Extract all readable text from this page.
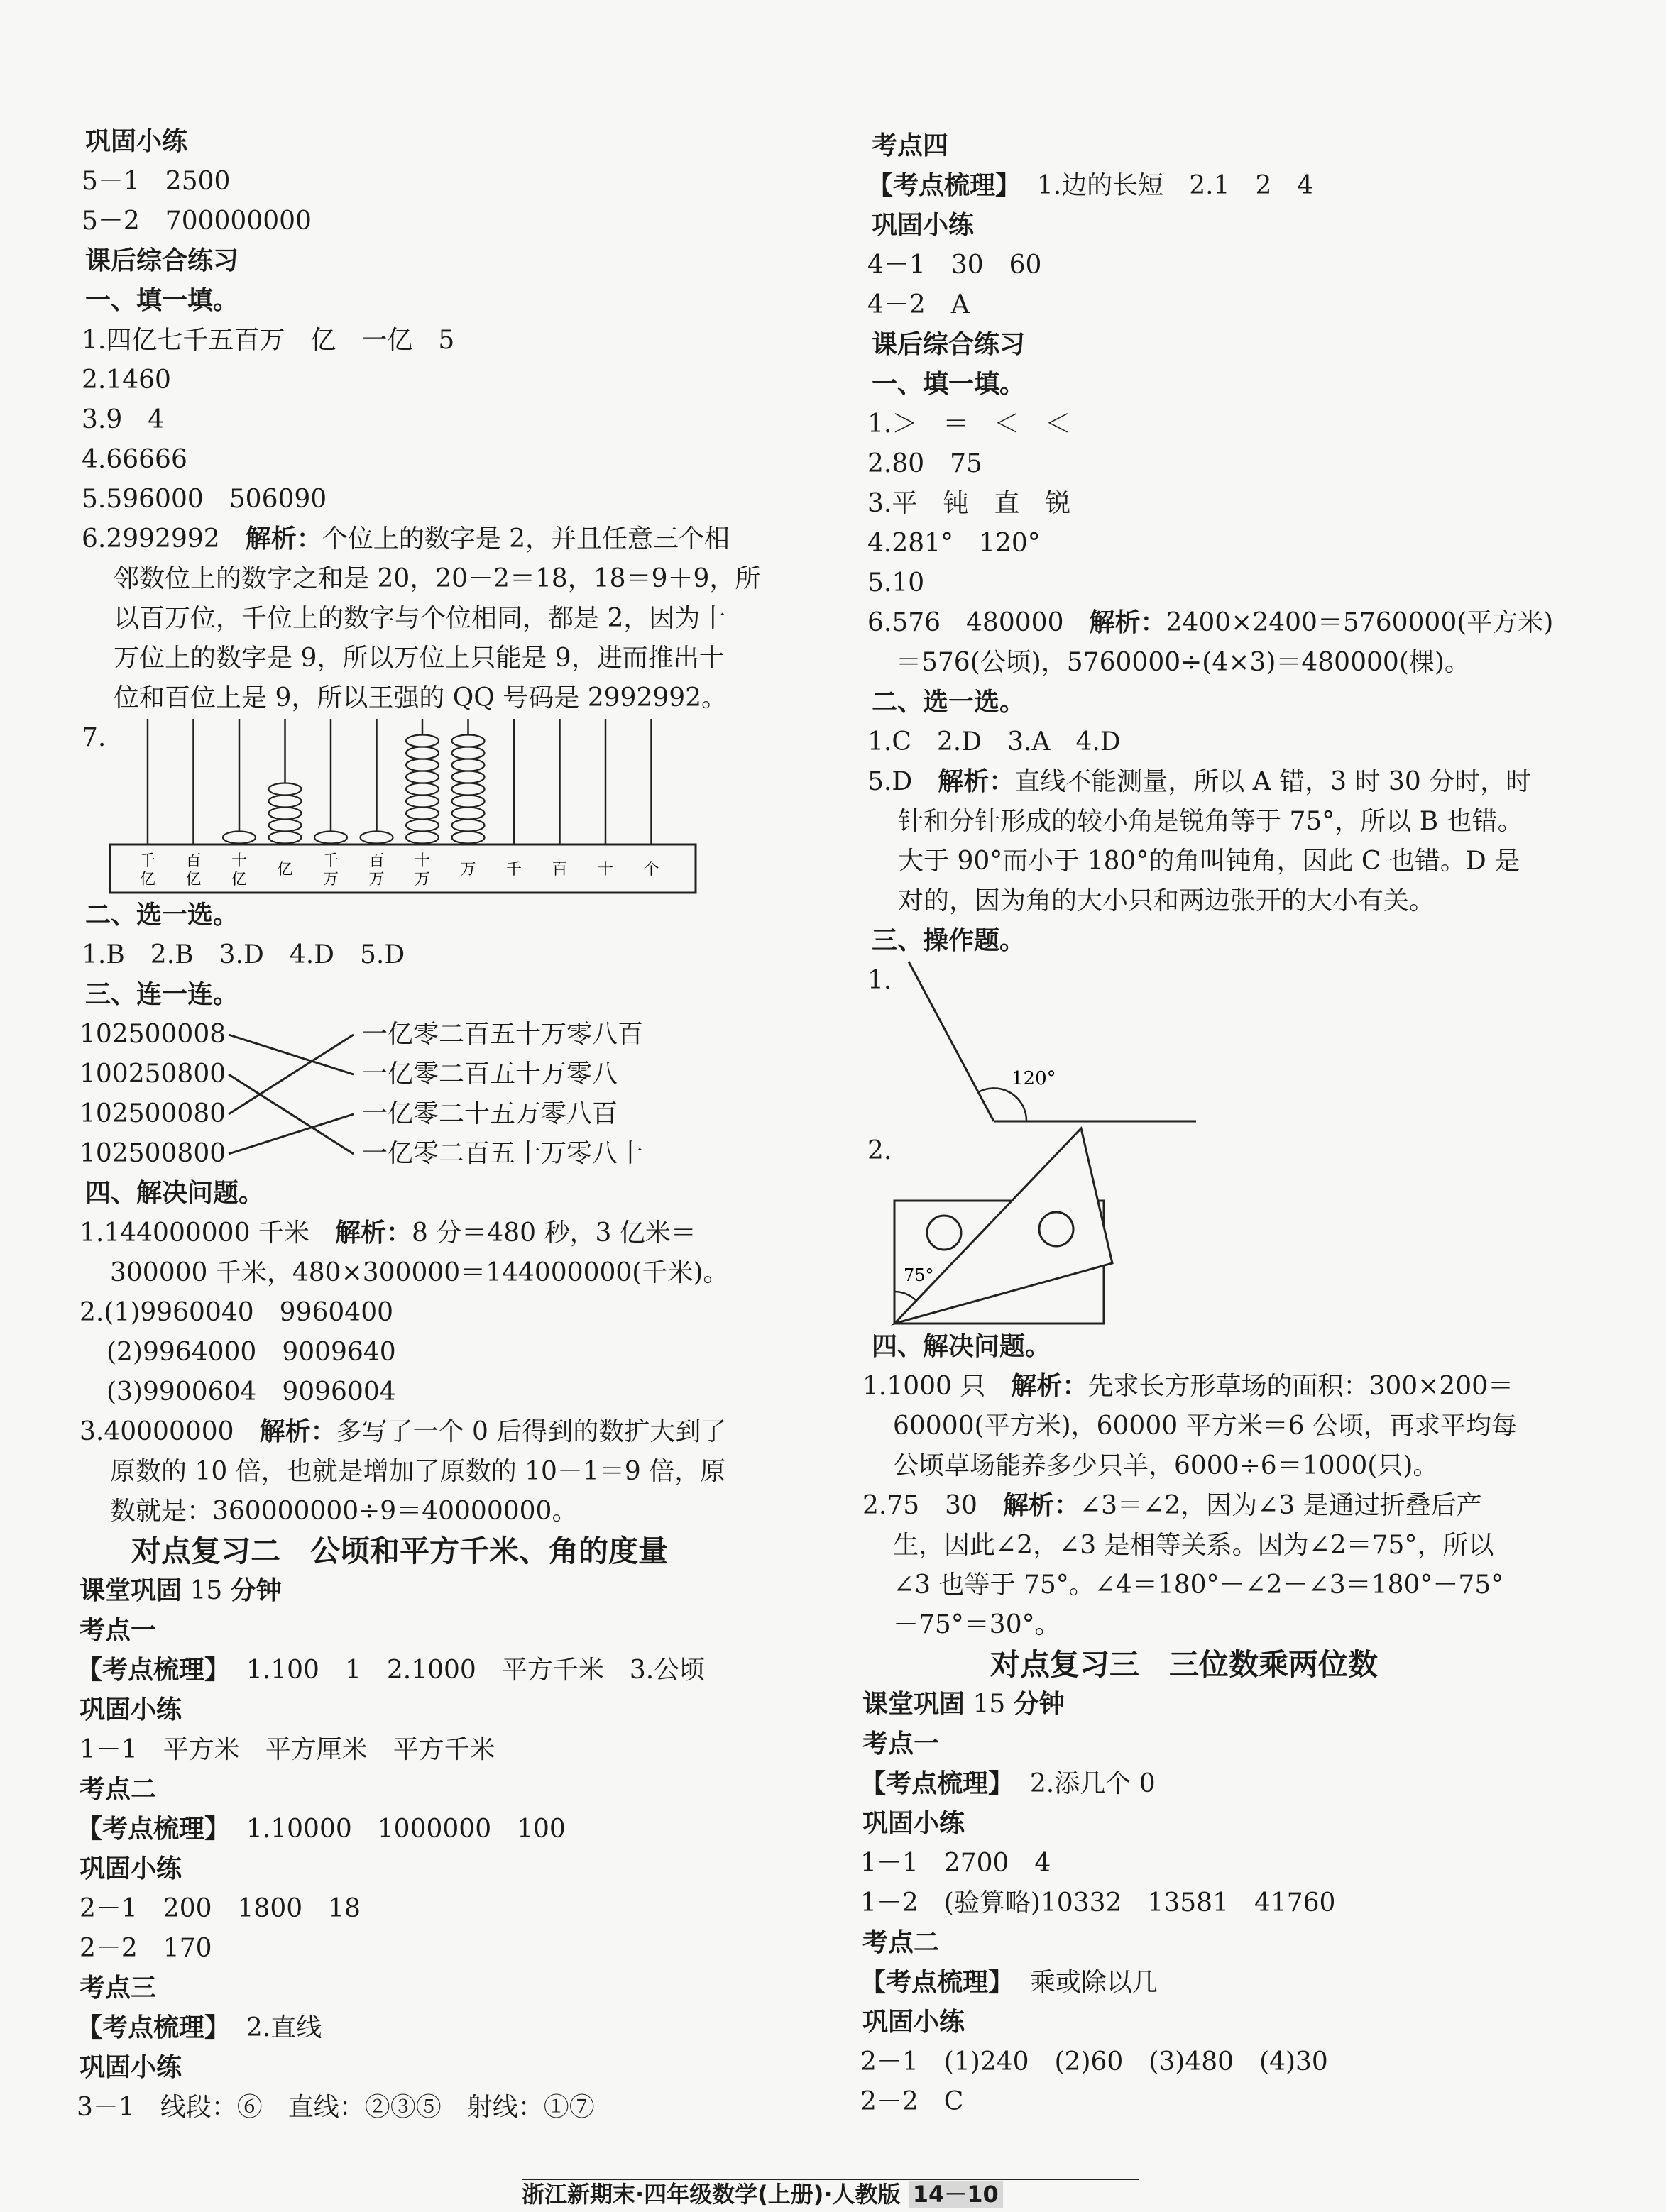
巩固小练
5－1　2500
5－2　700000000
课后综合练习
一、填一填。
1.四亿七千五百万　亿　一亿　5
2.1460
3.9　4
4.66666
5.596000　506090
6.2992992　解析：个位上的数字是 2，并且任意三个相
邻数位上的数字之和是 20，20－2＝18，18＝9＋9，所
以百万位，千位上的数字与个位相同，都是 2，因为十
万位上的数字是 9，所以万位上只能是 9，进而推出十
位和百位上是 9，所以王强的 QQ 号码是 2992992。
7.
千
亿
百
亿
十
亿
亿 千
万
百
万
十
万
万 千 百 十 个
二、选一选。
1.B　2.B　3.D　4.D　5.D
三、连一连。
102500008
100250800
102500080
102500800
一亿零二百五十万零八百
一亿零二百五十万零八
一亿零二十五万零八百
一亿零二百五十万零八十
四、解决问题。
1.144000000 千米　解析：8 分＝480 秒，3 亿米＝
300000 千米，480×300000＝144000000(千米)。
2.(1)9960040　9960400
(2)9964000　9009640
(3)9900604　9096004
3.40000000　解析：多写了一个 0 后得到的数扩大到了
原数的 10 倍，也就是增加了原数的 10－1＝9 倍，原
数就是：360000000÷9＝40000000。
对点复习二　公顷和平方千米、角的度量
课堂巩固 15 分钟
考点一
【考点梳理】  1.100　1　2.1000　平方千米　3.公顷
巩固小练
1－1　平方米　平方厘米　平方千米
考点二
【考点梳理】  1.10000　1000000　100
巩固小练
2－1　200　1800　18
2－2　170
考点三
【考点梳理】  2.直线
巩固小练
3－1　线段：⑥　直线：②③⑤　射线：①⑦
考点四
【考点梳理】  1.边的长短　2.1　2　4
巩固小练
4－1　30　60
4－2　A
课后综合练习
一、填一填。
1.＞　＝　＜　＜
2.80　75
3.平　钝　直　锐
4.281°　120°
5.10
6.576　480000　解析：2400×2400＝5760000(平方米)
＝576(公顷)，5760000÷(4×3)＝480000(棵)。
二、选一选。
1.C　2.D　3.A　4.D
5.D　解析：直线不能测量，所以 A 错，3 时 30 分时，时
针和分针形成的较小角是锐角等于 75°，所以 B 也错。
大于 90°而小于 180°的角叫钝角，因此 C 也错。D 是
对的，因为角的大小只和两边张开的大小有关。
三、操作题。
1.
120°
2.
75°
四、解决问题。
1.1000 只　解析：先求长方形草场的面积：300×200＝
60000(平方米)，60000 平方米＝6 公顷，再求平均每
公顷草场能养多少只羊，6000÷6＝1000(只)。
2.75　30　解析：∠3＝∠2，因为∠3 是通过折叠后产
生，因此∠2，∠3 是相等关系。因为∠2＝75°，所以
∠3 也等于 75°。∠4＝180°－∠2－∠3＝180°－75°
－75°＝30°。
对点复习三　三位数乘两位数
课堂巩固 15 分钟
考点一
【考点梳理】  2.添几个 0
巩固小练
1－1　2700　4
1－2　(验算略)10332　13581　41760
考点二
【考点梳理】  乘或除以几
巩固小练
2－1　(1)240　(2)60　(3)480　(4)30
2－2　C
浙江新期末·四年级数学(上册)·人教版 14－10
